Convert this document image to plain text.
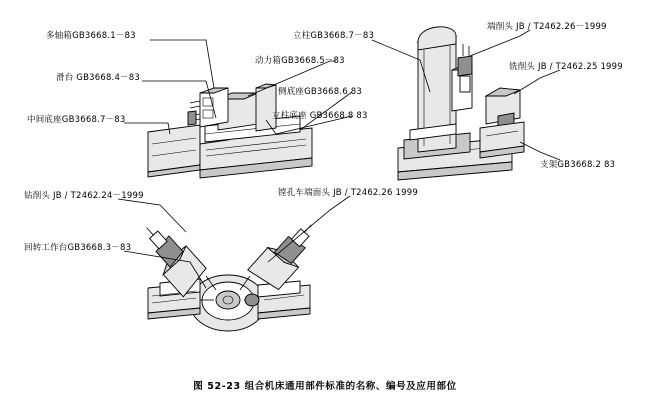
多轴箱GB3668.1－83
滑台 GB3668.4－83
中间底座GB3668.7－83
动力箱GB3668.5－83
侧底座GB3668.6 83
立柱底座 GB3668.8 83
立柱GB3668.7－83
端削头 JB / T2462.26－1999
铣削头 JB / T2462.25 1999
支架GB3668.2 83
钻削头 JB / T2462.24－1999	镗孔车端面头 JB / T2462.26 1999
回转工作台GB3668.3－83
图 52-23 组合机床通用部件标准的名称、编号及应用部位
